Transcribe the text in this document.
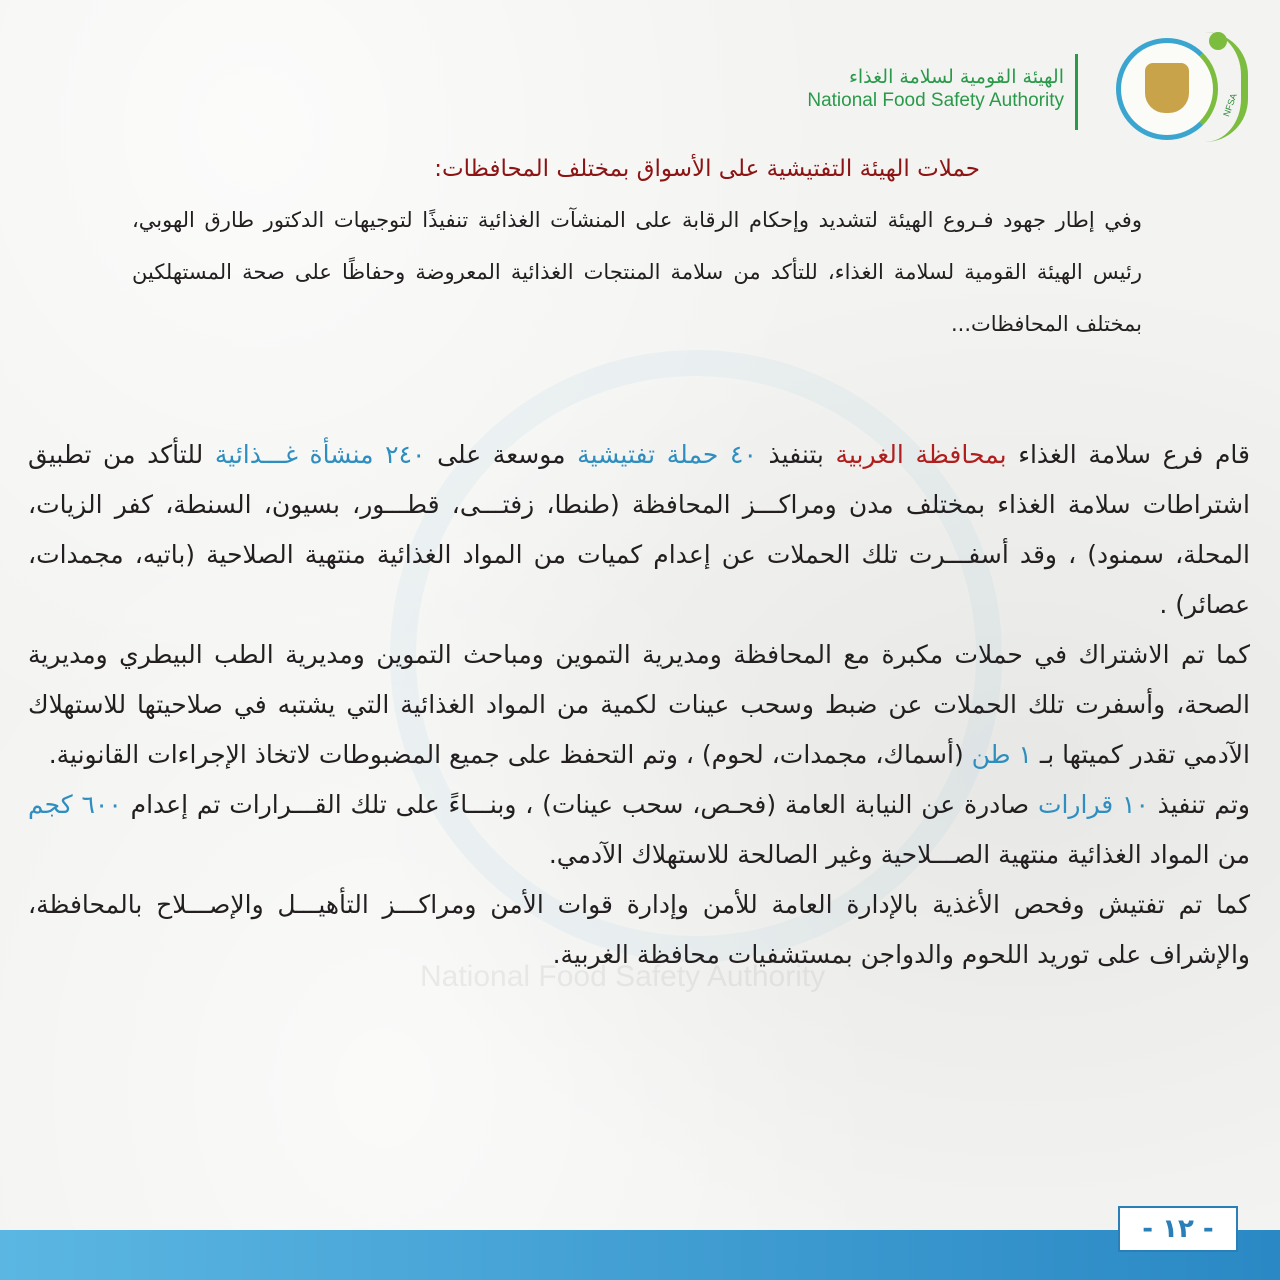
National Food Safety Authority
الهيئة القومية لسلامة الغذاء
National Food Safety Authority	NFSA
حملات الهيئة التفتيشية على الأسواق بمختلف المحافظات:

وفي إطار جهود فـروع الهيئة لتشديد وإحكام الرقابة على المنشآت الغذائية تنفيذًا لتوجيهات الدكتور طارق الهوبي، رئيس الهيئة القومية لسلامة الغذاء، للتأكد من سلامة المنتجات الغذائية المعروضة وحفاظًا على صحة المستهلكين بمختلف المحافظات...

قام فرع سلامة الغذاء بمحافظة الغربية بتنفيذ ٤٠ حملة تفتيشية موسعة على ٢٤٠ منشأة غـــذائية للتأكد من تطبيق اشتراطات سلامة الغذاء بمختلف مدن ومراكـــز المحافظة (طنطا، زفتـــى، قطـــور، بسيون، السنطة، كفر الزيات، المحلة، سمنود) ، وقد أسفـــرت تلك الحملات عن إعدام كميات من المواد الغذائية منتهية الصلاحية (باتيه، مجمدات، عصائر) .

كما تم الاشتراك في حملات مكبرة مع المحافظة ومديرية التموين ومباحث التموين ومديرية الطب البيطري ومديرية الصحة، وأسفرت تلك الحملات عن ضبط وسحب عينات لكمية من المواد الغذائية التي يشتبه في صلاحيتها للاستهلاك الآدمي تقدر كميتها بـ ١ طن (أسماك، مجمدات، لحوم) ، وتم التحفظ على جميع المضبوطات لاتخاذ الإجراءات القانونية.

وتم تنفيذ ١٠ قرارات صادرة عن النيابة العامة (فحـص، سحب عينات) ، وبنـــاءً على تلك القـــرارات تم إعدام ٦٠٠ كجم من المواد الغذائية منتهية الصـــلاحية وغير الصالحة للاستهلاك الآدمي.

كما تم تفتيش وفحص الأغذية بالإدارة العامة للأمن وإدارة قوات الأمن ومراكـــز التأهيـــل والإصـــلاح بالمحافظة، والإشراف على توريد اللحوم والدواجن بمستشفيات محافظة الغربية.

- ١٢ -
